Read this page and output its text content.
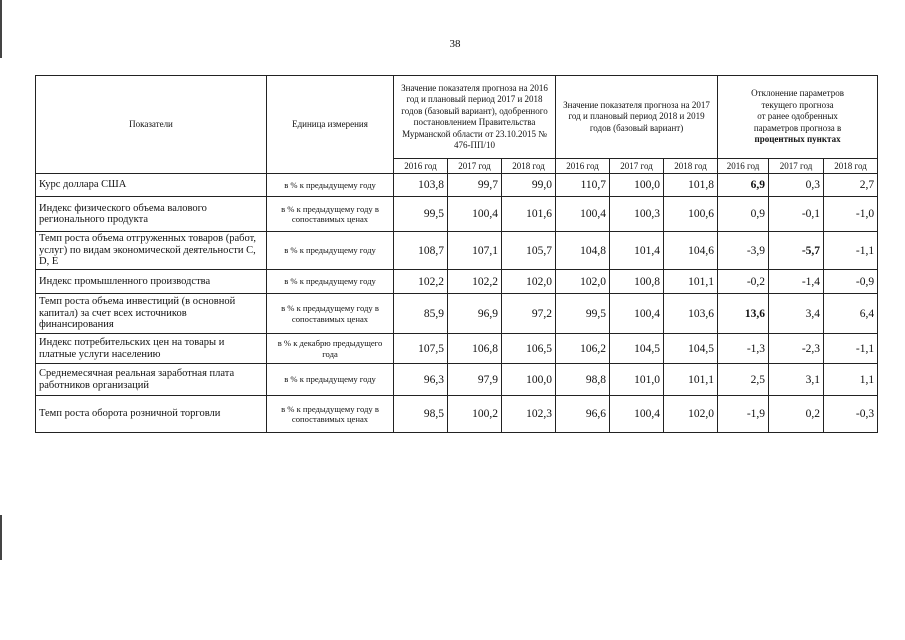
38
Показатели	Единица измерения	Значение показателя прогноза на 2016 год и плановый период 2017 и 2018 годов (базовый вариант), одобренного постановлением Правительства Мурманской области от 23.10.2015 № 476-ПП/10			Значение показателя прогноза на 2017 год и плановый период 2018 и 2019 годов (базовый вариант)			Отклонение параметров
текущего прогноза
от ранее одобренных
параметров прогноза в
процентных пунктах		
		2016 год	2017 год	2018 год	2016 год	2017 год	2018 год	2016 год	2017 год	2018 год
Курс доллара США	в % к предыдущему году	103,8	99,7	99,0	110,7	100,0	101,8	6,9	0,3	2,7
Индекс физического объема валового регионального продукта	в % к предыдущему году в сопоставимых ценах	99,5	100,4	101,6	100,4	100,3	100,6	0,9	-0,1	-1,0
Темп роста объема отгруженных товаров (работ, услуг) по видам экономической деятельности C, D, E	в % к предыдущему году	108,7	107,1	105,7	104,8	101,4	104,6	-3,9	-5,7	-1,1
Индекс промышленного производства	в % к предыдущему году	102,2	102,2	102,0	102,0	100,8	101,1	-0,2	-1,4	-0,9
Темп роста объема инвестиций (в основной капитал) за счет всех источников финансирования	в % к предыдущему году в сопоставимых ценах	85,9	96,9	97,2	99,5	100,4	103,6	13,6	3,4	6,4
Индекс потребительских цен на товары и платные услуги населению	в % к декабрю предыдущего года	107,5	106,8	106,5	106,2	104,5	104,5	-1,3	-2,3	-1,1
Среднемесячная реальная заработная плата работников организаций	в % к предыдущему году	96,3	97,9	100,0	98,8	101,0	101,1	2,5	3,1	1,1
Темп роста оборота розничной торговли	в % к предыдущему году в сопоставимых ценах	98,5	100,2	102,3	96,6	100,4	102,0	-1,9	0,2	-0,3
